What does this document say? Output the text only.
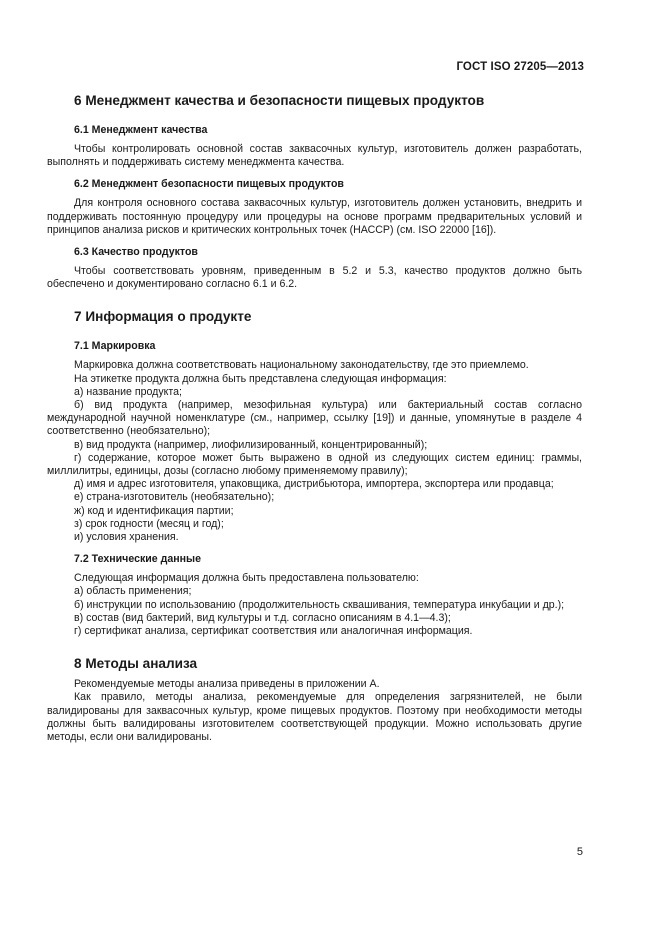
ГОСТ ISO 27205—2013
6 Менеджмент качества и безопасности пищевых продуктов
6.1 Менеджмент качества

Чтобы контролировать основной состав заквасочных культур, изготовитель должен разработать, выполнять и поддерживать систему менеджмента качества.

6.2 Менеджмент безопасности пищевых продуктов

Для контроля основного состава заквасочных культур, изготовитель должен установить, внедрить и поддерживать постоянную процедуру или процедуры на основе программ предварительных условий и принципов анализа рисков и критических контрольных точек (НАССР) (см. ISO 22000 [16]).

6.3 Качество продуктов

Чтобы соответствовать уровням, приведенным в 5.2 и 5.3, качество продуктов должно быть обеспечено и документировано согласно 6.1 и 6.2.

7 Информация о продукте
7.1 Маркировка
Маркировка должна соответствовать национальному законодательству, где это приемлемо.
На этикетке продукта должна быть представлена следующая информация:
а) название продукта;
б) вид продукта (например, мезофильная культура) или бактериальный состав согласно международной научной номенклатуре (см., например, ссылку [19]) и данные, упомянутые в разделе 4 соответственно (необязательно);
в) вид продукта (например, лиофилизированный, концентрированный);
г) содержание, которое может быть выражено в одной из следующих систем единиц: граммы, миллилитры, единицы, дозы (согласно любому применяемому правилу);
д) имя и адрес изготовителя, упаковщика, дистрибьютора, импортера, экспортера или продавца;
е) страна-изготовитель (необязательно);
ж) код и идентификация партии;
з) срок годности (месяц и год);
и) условия хранения.
7.2 Технические данные
Следующая информация должна быть предоставлена пользователю:
а) область применения;
б) инструкции по использованию (продолжительность сквашивания, температура инкубации и др.);
в) состав (вид бактерий, вид культуры и т.д. согласно описаниям в 4.1—4.3);
г) сертификат анализа, сертификат соответствия или аналогичная информация.
8 Методы анализа
Рекомендуемые методы анализа приведены в приложении А.
Как правило, методы анализа, рекомендуемые для определения загрязнителей, не были валидированы для заквасочных культур, кроме пищевых продуктов. Поэтому при необходимости методы должны быть валидированы изготовителем соответствующей продукции. Можно использовать другие методы, если они валидированы.
5
